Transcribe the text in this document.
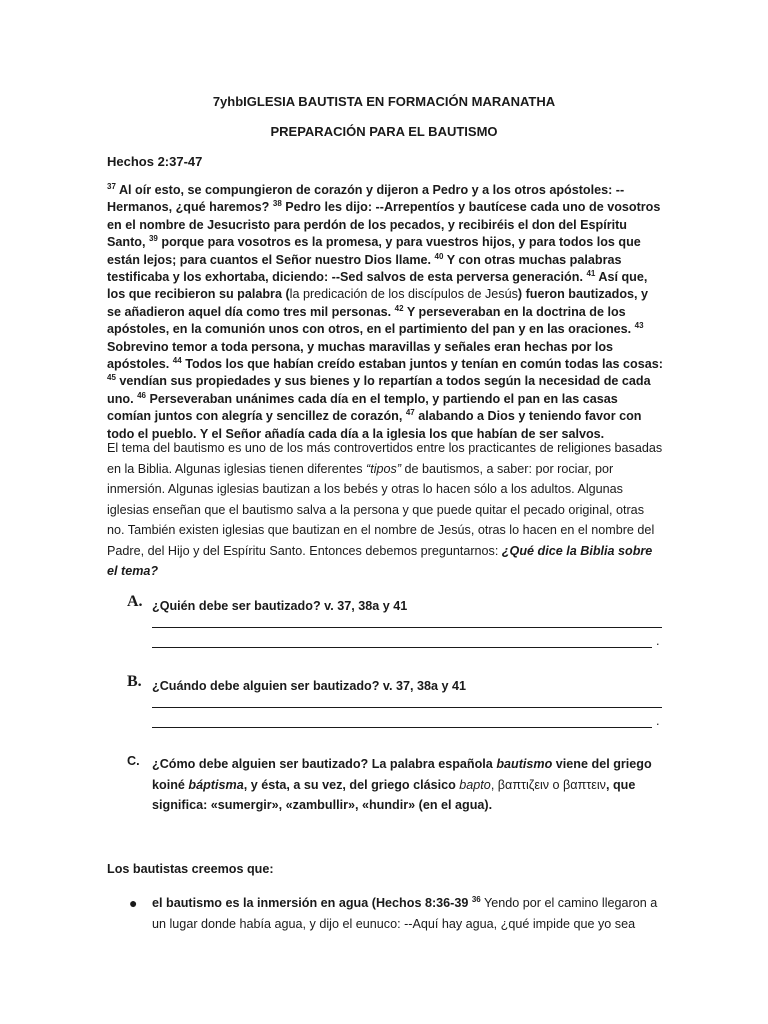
7yhbIGLESIA BAUTISTA EN FORMACIÓN MARANATHA
PREPARACIÓN PARA EL BAUTISMO
Hechos 2:37-47
$^{37}$ Al oír esto, se compungieron de corazón y dijeron a Pedro y a los otros apóstoles: --Hermanos, ¿qué haremos? $^{38}$ Pedro les dijo: --Arrepentíos y bautícese cada uno de vosotros en el nombre de Jesucristo para perdón de los pecados, y recibiréis el don del Espíritu Santo, $^{39}$ porque para vosotros es la promesa, y para vuestros hijos, y para todos los que están lejos; para cuantos el Señor nuestro Dios llame. $^{40}$ Y con otras muchas palabras testificaba y los exhortaba, diciendo: --Sed salvos de esta perversa generación. $^{41}$ Así que, los que recibieron su palabra (la predicación de los discípulos de Jesús) fueron bautizados, y se añadieron aquel día como tres mil personas. $^{42}$ Y perseveraban en la doctrina de los apóstoles, en la comunión unos con otros, en el partimiento del pan y en las oraciones. $^{43}$ Sobrevino temor a toda persona, y muchas maravillas y señales eran hechas por los apóstoles. $^{44}$ Todos los que habían creído estaban juntos y tenían en común todas las cosas: $^{45}$ vendían sus propiedades y sus bienes y lo repartían a todos según la necesidad de cada uno. $^{46}$ Perseveraban unánimes cada día en el templo, y partiendo el pan en las casas comían juntos con alegría y sencillez de corazón, $^{47}$ alabando a Dios y teniendo favor con todo el pueblo. Y el Señor añadía cada día a la iglesia los que habían de ser salvos.
El tema del bautismo es uno de los más controvertidos entre los practicantes de religiones basadas en la Biblia. Algunas iglesias tienen diferentes “tipos” de bautismos, a saber: por rociar, por inmersión. Algunas iglesias bautizan a los bebés y otras lo hacen sólo a los adultos. Algunas iglesias enseñan que el bautismo salva a la persona y que puede quitar el pecado original, otras no. También existen iglesias que bautizan en el nombre de Jesús, otras lo hacen en el nombre del Padre, del Hijo y del Espíritu Santo. Entonces debemos preguntarnos: ¿Qué dice la Biblia sobre el tema?
A. ¿Quién debe ser bautizado? v. 37, 38a y 41
.
B. ¿Cuándo debe alguien ser bautizado? v. 37, 38a y 41
.
C. ¿Cómo debe alguien ser bautizado? La palabra española bautismo viene del griego koiné báptisma, y ésta, a su vez, del griego clásico bapto, βαπτιζειν o βαπτειν, que significa: «sumergir», «zambullir», «hundir» (en el agua).
Los bautistas creemos que:
● el bautismo es la inmersión en agua (Hechos 8:36-39 $^{36}$ Yendo por el camino llegaron a un lugar donde había agua, y dijo el eunuco: --Aquí hay agua, ¿qué impide que yo sea
